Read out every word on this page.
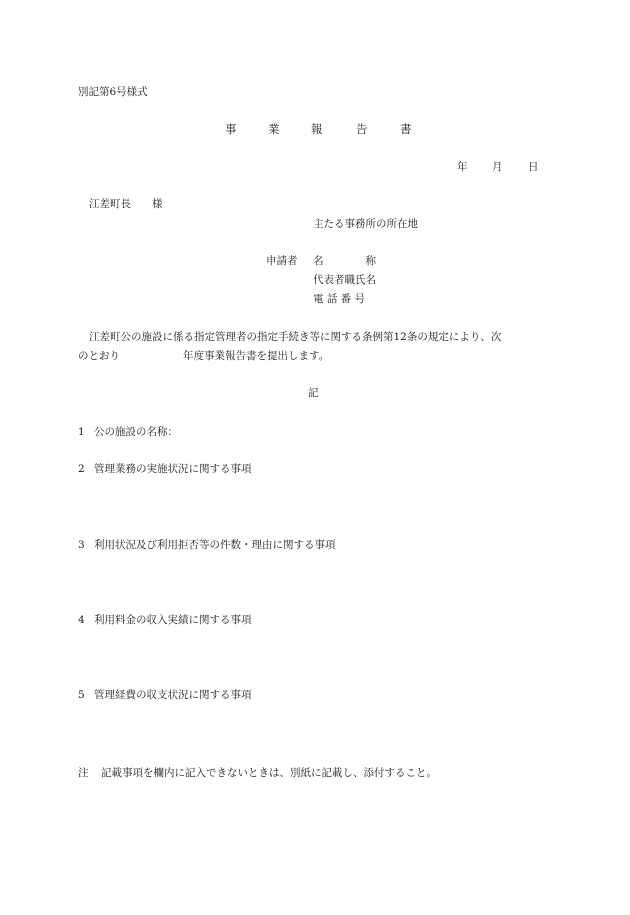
別記第6号様式
事	業	報	告	書
年 月 日
江差町長　　様
主たる事務所の所在地
申請者 名　　　　称
代表者職氏名
電 話 番 号
江差町公の施設に係る指定管理者の指定手続き等に関する条例第12条の規定により、次
のとおり	年度事業報告書を提出します。
記
1 公の施設の名称：
2 管理業務の実施状況に関する事項
3 利用状況及び利用拒否等の件数・理由に関する事項
4 利用料金の収入実績に関する事項
5 管理経費の収支状況に関する事項
注 記載事項を欄内に記入できないときは、別紙に記載し、添付すること。
